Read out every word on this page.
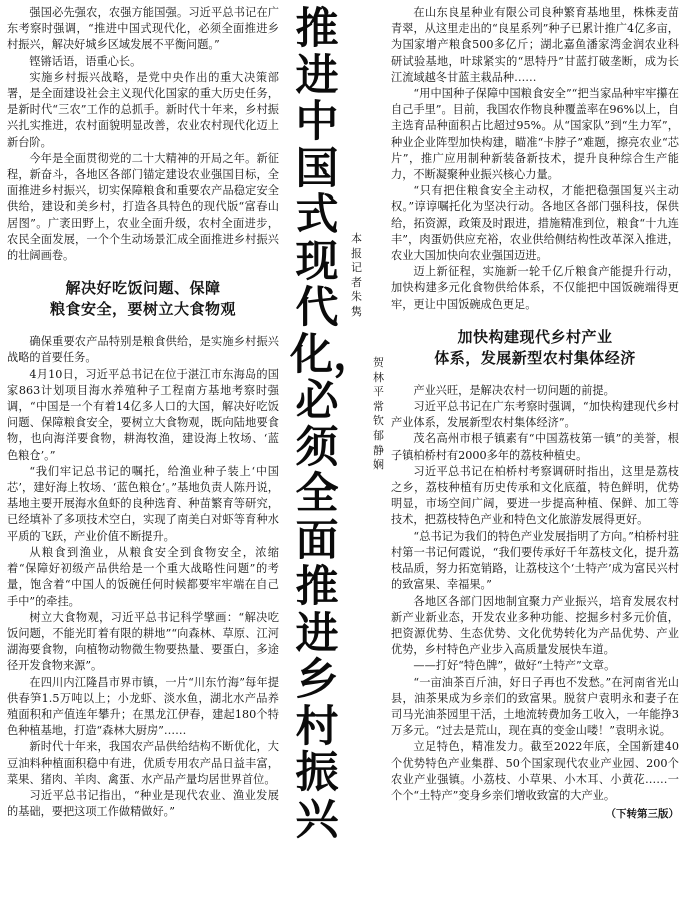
强国必先强农，农强方能国强。习近平总书记在广东考察时强调，“推进中国式现代化，必须全面推进乡村振兴，解决好城乡区域发展不平衡问题。”

铿锵话语，语重心长。

实施乡村振兴战略，是党中央作出的重大决策部署，是全面建设社会主义现代化国家的重大历史任务，是新时代“三农”工作的总抓手。新时代十年来，乡村振兴扎实推进，农村面貌明显改善，农业农村现代化迈上新台阶。

今年是全面贯彻党的二十大精神的开局之年。新征程，新奋斗，各地区各部门锚定建设农业强国目标，全面推进乡村振兴，切实保障粮食和重要农产品稳定安全供给，建设和美乡村，打造各具特色的现代版“富春山居图”。广袤田野上，农业全面升级，农村全面进步，农民全面发展，一个个生动场景汇成全面推进乡村振兴的壮阔画卷。

解决好吃饭问题、保障
粮食安全，要树立大食物观

确保重要农产品特别是粮食供给，是实施乡村振兴战略的首要任务。

4月10日，习近平总书记在位于湛江市东海岛的国家863计划项目海水养殖种子工程南方基地考察时强调，“中国是一个有着14亿多人口的大国，解决好吃饭问题、保障粮食安全，要树立大食物观，既向陆地要食物，也向海洋要食物，耕海牧渔，建设海上牧场、‘蓝色粮仓’。”

“我们牢记总书记的嘱托，给渔业种子装上‘中国芯’，建好海上牧场、‘蓝色粮仓’。”基地负责人陈丹说，基地主要开展海水鱼虾的良种选育、种苗繁育等研究，已经填补了多项技术空白，实现了南美白对虾等育种水平质的飞跃，产业价值不断提升。

从粮食到渔业，从粮食安全到食物安全，浓缩着“保障好初级产品供给是一个重大战略性问题”的考量，饱含着“中国人的饭碗任何时候都要牢牢端在自己手中”的牵挂。

树立大食物观，习近平总书记科学擘画：“解决吃饭问题，不能光盯着有限的耕地”“向森林、草原、江河湖海要食物，向植物动物微生物要热量、要蛋白，多途径开发食物来源”。

在四川内江隆昌市界市镇，一片“川东竹海”每年提供春笋1.5万吨以上；小龙虾、淡水鱼，湖北水产品养殖面积和产值连年攀升；在黑龙江伊春，建起180个特色种植基地，打造“森林大厨房”……

新时代十年来，我国农产品供给结构不断优化，大豆油料种植面积稳中有进，优质专用农产品日益丰富，菜果、猪肉、羊肉、禽蛋、水产品产量均居世界首位。

习近平总书记指出，“种业是现代农业、渔业发展的基础，要把这项工作做精做好。”

推进中国式现代化，必须全面推进乡村振兴

本报记者朱 隽

贺林平常 钦郁静娴

在山东良星种业有限公司良种繁育基地里，株株麦苗青翠，从这里走出的“良星系列”种子已累计推广4亿多亩，为国家增产粮食500多亿斤；湖北嘉鱼潘家湾金润农业科研试验基地，叶球紧实的“思特丹”甘蓝打破垄断，成为长江流域越冬甘蓝主栽品种……

“用中国种子保障中国粮食安全”“把当家品种牢牢攥在自己手里”。目前，我国农作物良种覆盖率在96%以上，自主选育品种面积占比超过95%。从“国家队”到“生力军”，种业企业阵型加快构建，瞄准“卡脖子”难题，擦亮农业“芯片”，推广应用制种新装备新技术，提升良种综合生产能力，不断凝聚种业振兴核心力量。

“只有把住粮食安全主动权，才能把稳强国复兴主动权。”谆谆嘱托化为坚决行动。各地区各部门强科技，保供给，拓资源，政策及时跟进，措施精准到位，粮食“十九连丰”，肉蛋奶供应充裕，农业供给侧结构性改革深入推进，农业大国加快向农业强国迈进。

迈上新征程，实施新一轮千亿斤粮食产能提升行动，加快构建多元化食物供给体系，不仅能把中国饭碗端得更牢，更让中国饭碗成色更足。

加快构建现代乡村产业
体系，发展新型农村集体经济

产业兴旺，是解决农村一切问题的前提。

习近平总书记在广东考察时强调，“加快构建现代乡村产业体系，发展新型农村集体经济”。

茂名高州市根子镇素有“中国荔枝第一镇”的美誉，根子镇柏桥村有2000多年的荔枝种植史。

习近平总书记在柏桥村考察调研时指出，这里是荔枝之乡，荔枝种植有历史传承和文化底蕴，特色鲜明，优势明显，市场空间广阔，要进一步提高种植、保鲜、加工等技术，把荔枝特色产业和特色文化旅游发展得更好。

“总书记为我们的特色产业发展指明了方向。”柏桥村驻村第一书记何霞说，“我们要传承好千年荔枝文化，提升荔枝品质，努力拓宽销路，让荔枝这个‘土特产’成为富民兴村的致富果、幸福果。”

各地区各部门因地制宜聚力产业振兴，培育发展农村新产业新业态，开发农业多种功能、挖掘乡村多元价值，把资源优势、生态优势、文化优势转化为产品优势、产业优势，乡村特色产业步入高质量发展快车道。

——打好“特色牌”，做好“土特产”文章。

“一亩油茶百斤油，好日子再也不发愁。”在河南省光山县，油茶果成为乡亲们的致富果。脱贫户袁明永和妻子在司马光油茶园里干活，土地流转费加务工收入，一年能挣3万多元。“过去是荒山，现在真的变金山喽！”袁明永说。

立足特色，精准发力。截至2022年底，全国新建40个优势特色产业集群、50个国家现代农业产业园、200个农业产业强镇。小荔枝、小草果、小木耳、小黄花……一个个“土特产”变身乡亲们增收致富的大产业。

（下转第三版）
